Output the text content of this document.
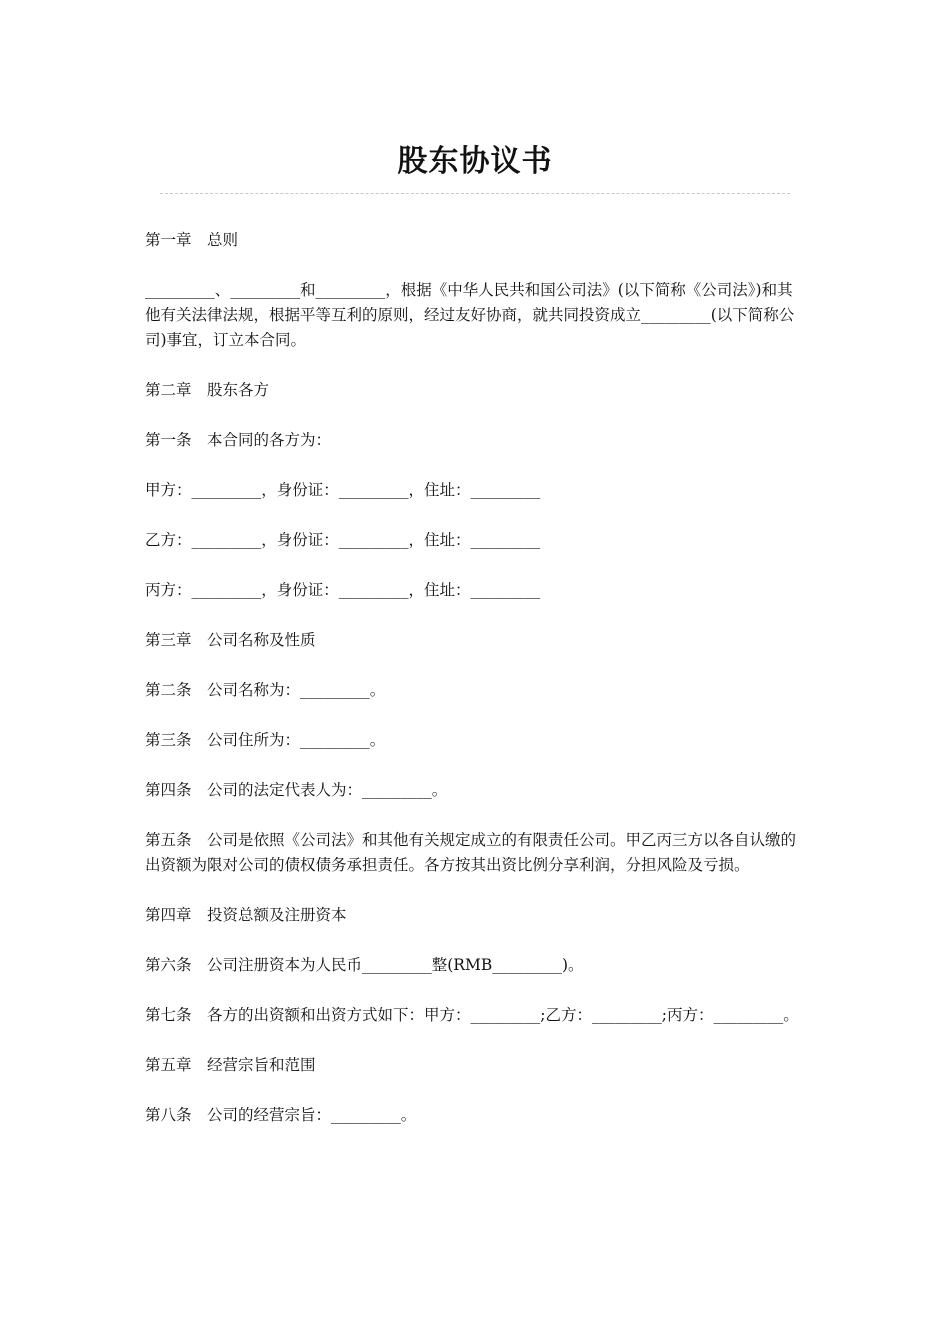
股东协议书

第一章　总则

_________、_________和_________，根据《中华人民共和国公司法》(以下简称《公司法》)和其他有关法律法规，根据平等互利的原则，经过友好协商，就共同投资成立_________(以下简称公司)事宜，订立本合同。

第二章　股东各方

第一条　本合同的各方为：

甲方：_________，身份证：_________，住址：_________

乙方：_________，身份证：_________，住址：_________

丙方：_________，身份证：_________，住址：_________

第三章　公司名称及性质

第二条　公司名称为：_________。

第三条　公司住所为：_________。

第四条　公司的法定代表人为：_________。

第五条　公司是依照《公司法》和其他有关规定成立的有限责任公司。甲乙丙三方以各自认缴的出资额为限对公司的债权债务承担责任。各方按其出资比例分享利润，分担风险及亏损。

第四章　投资总额及注册资本

第六条　公司注册资本为人民币_________整(RMB_________)。

第七条　各方的出资额和出资方式如下：甲方：_________;乙方：_________;丙方：_________。

第五章　经营宗旨和范围

第八条　公司的经营宗旨：_________。
